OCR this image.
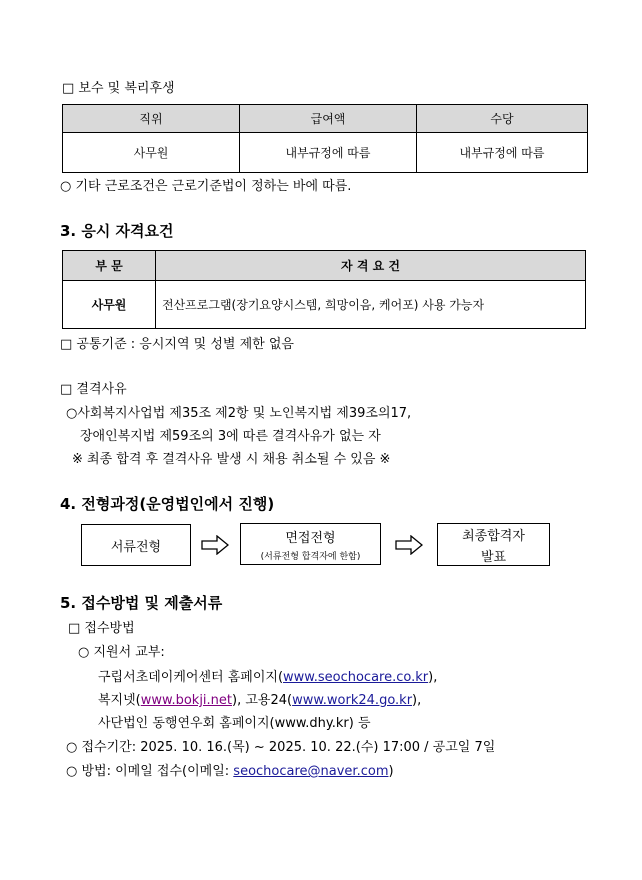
□ 보수 및 복리후생
직위	급여액	수당
사무원	내부규정에 따름	내부규정에 따름
○ 기타 근로조건은 근로기준법이 정하는 바에 따름.
3. 응시 자격요건
부 문	자 격 요 건
사무원	전산프로그램(장기요양시스템, 희망이음, 케어포) 사용 가능자
□ 공통기준 : 응시지역 및 성별 제한 없음
□ 결격사유
○사회복지사업법 제35조 제2항 및 노인복지법 제39조의17,
장애인복지법 제59조의 3에 따른 결격사유가 없는 자
※ 최종 합격 후 결격사유 발생 시 채용 취소될 수 있음 ※
4. 전형과정(운영법인에서 진행)
서류전형
면접전형
(서류전형 합격자에 한함)
최종합격자
발표
5. 접수방법 및 제출서류
□ 접수방법
○ 지원서 교부:
구립서초데이케어센터 홈페이지(www.seochocare.co.kr),
복지넷(www.bokji.net), 고용24(www.work24.go.kr),
사단법인 동행연우회 홈페이지(www.dhy.kr) 등
○ 접수기간: 2025. 10. 16.(목) ~ 2025. 10. 22.(수) 17:00 / 공고일 7일
○ 방법: 이메일 접수(이메일: seochocare@naver.com)
